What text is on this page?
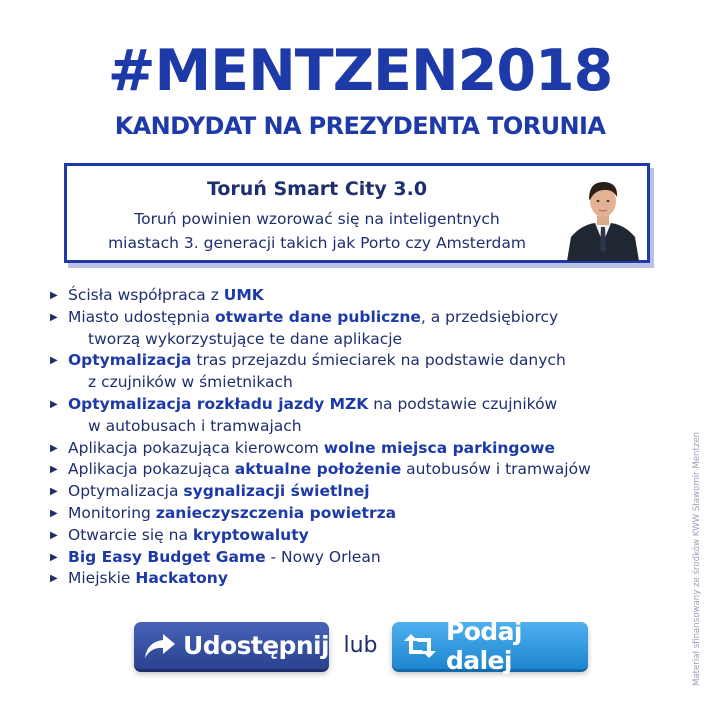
#MENTZEN2018
KANDYDAT NA PREZYDENTA TORUNIA
Toruń Smart City 3.0
Toruń powinien wzorować się na inteligentnych
miastach 3. generacji takich jak Porto czy Amsterdam
▶ Ścisła współpraca z UMK
▶ Miasto udostępnia otwarte dane publiczne, a przedsiębiorcy
tworzą wykorzystujące te dane aplikacje
▶ Optymalizacja tras przejazdu śmieciarek na podstawie danych
z czujników w śmietnikach
▶ Optymalizacja rozkładu jazdy MZK na podstawie czujników
w autobusach i tramwajach
▶ Aplikacja pokazująca kierowcom wolne miejsca parkingowe
▶ Aplikacja pokazująca aktualne położenie autobusów i tramwajów
▶ Optymalizacja sygnalizacji świetlnej
▶ Monitoring zanieczyszczenia powietrza
▶ Otwarcie się na kryptowaluty
▶ Big Easy Budget Game - Nowy Orlean
▶ Miejskie Hackatony
Udostępnij lub	Podaj dalej	Materiał sfinansowany ze środków KWW Sławomir Mentzen
